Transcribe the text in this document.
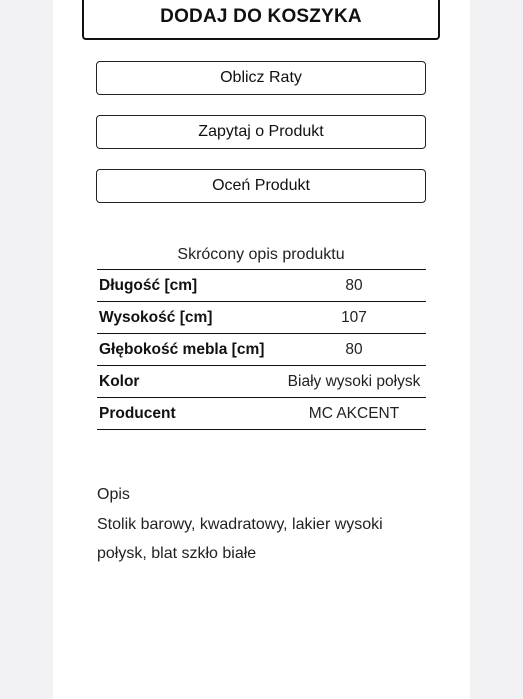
DODAJ DO KOSZYKA
Oblicz Raty
Zapytaj o Produkt
Oceń Produkt
Skrócony opis produktu
Długość [cm]	80
Wysokość [cm]	107
Głębokość mebla [cm]	80
Kolor	Biały wysoki połysk
Producent	MC AKCENT
Opis
Stolik barowy, kwadratowy, lakier wysoki połysk, blat szkło białe
